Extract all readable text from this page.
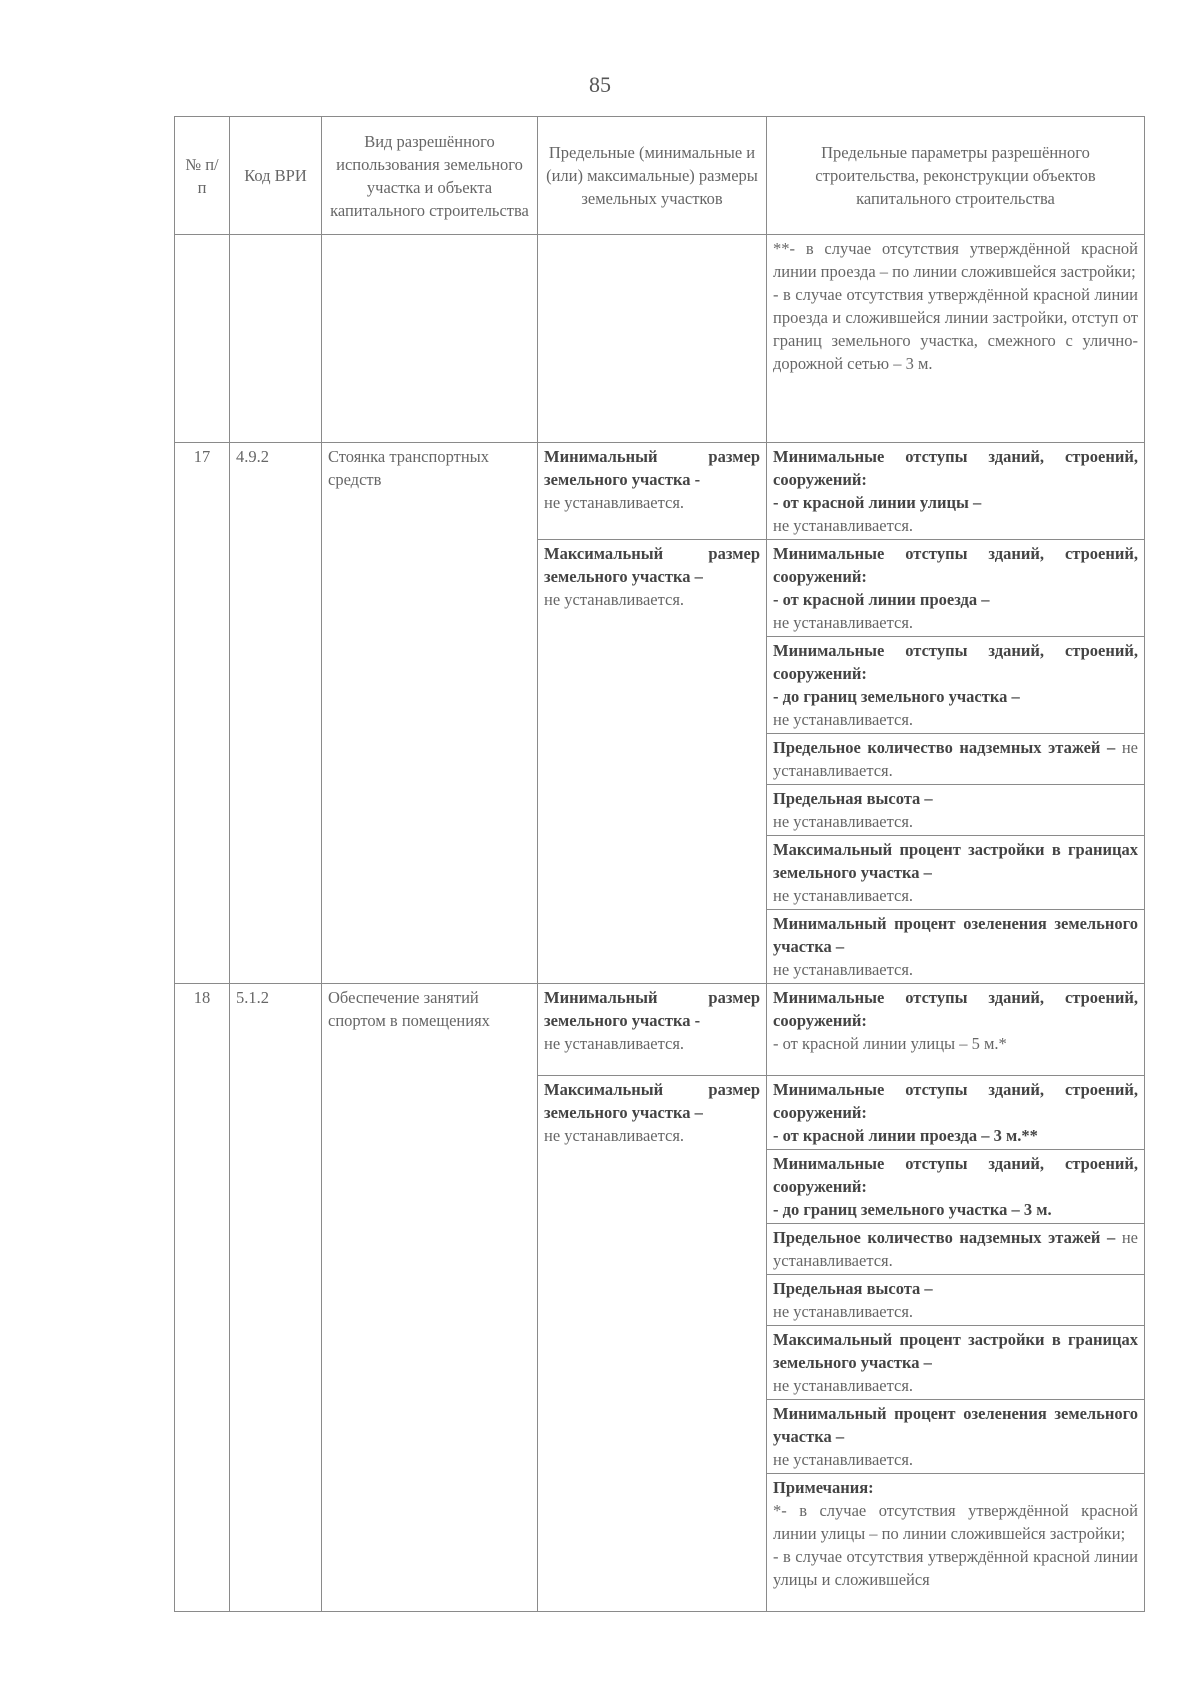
85
№ п/п	Код ВРИ	Вид разрешённого использования земельного участка и объекта капитального строительства	Предельные (минимальные и (или) максимальные) размеры земельных участков	Предельные параметры разрешённого строительства, реконструкции объектов капитального строительства

				**- в случае отсутствия утверждённой красной линии проезда – по линии сложившейся застройки;
- в случае отсутствия утверждённой красной линии проезда и сложившейся линии застройки, отступ от границ земельного участка, смежного с улично-дорожной сетью – 3 м.

17	4.9.2	Стоянка транспортных средств	Минимальный размер земельного участка -
не устанавливается.	Минимальные отступы зданий, строений, сооружений:
- от красной линии улицы –
не устанавливается.

			Максимальный размер земельного участка –
не устанавливается.	Минимальные отступы зданий, строений, сооружений:
- от красной линии проезда –
не устанавливается.

				Минимальные отступы зданий, строений, сооружений:
- до границ земельного участка –
не устанавливается.

				Предельное количество надземных этажей – не устанавливается.

				Предельная высота –
не устанавливается.

				Максимальный процент застройки в границах земельного участка –
не устанавливается.

				Минимальный процент озеленения земельного участка –
не устанавливается.

18	5.1.2	Обеспечение занятий спортом в помещениях	Минимальный размер земельного участка -
не устанавливается.	Минимальные отступы зданий, строений, сооружений:
- от красной линии улицы – 5 м.*

			Максимальный размер земельного участка –
не устанавливается.	Минимальные отступы зданий, строений, сооружений:
- от красной линии проезда – 3 м.**

				Минимальные отступы зданий, строений, сооружений:
- до границ земельного участка – 3 м.

				Предельное количество надземных этажей – не устанавливается.

				Предельная высота –
не устанавливается.

				Максимальный процент застройки в границах земельного участка –
не устанавливается.

				Минимальный процент озеленения земельного участка –
не устанавливается.

				Примечания:
*- в случае отсутствия утверждённой красной линии улицы – по линии сложившейся застройки;
- в случае отсутствия утверждённой красной линии улицы и сложившейся
